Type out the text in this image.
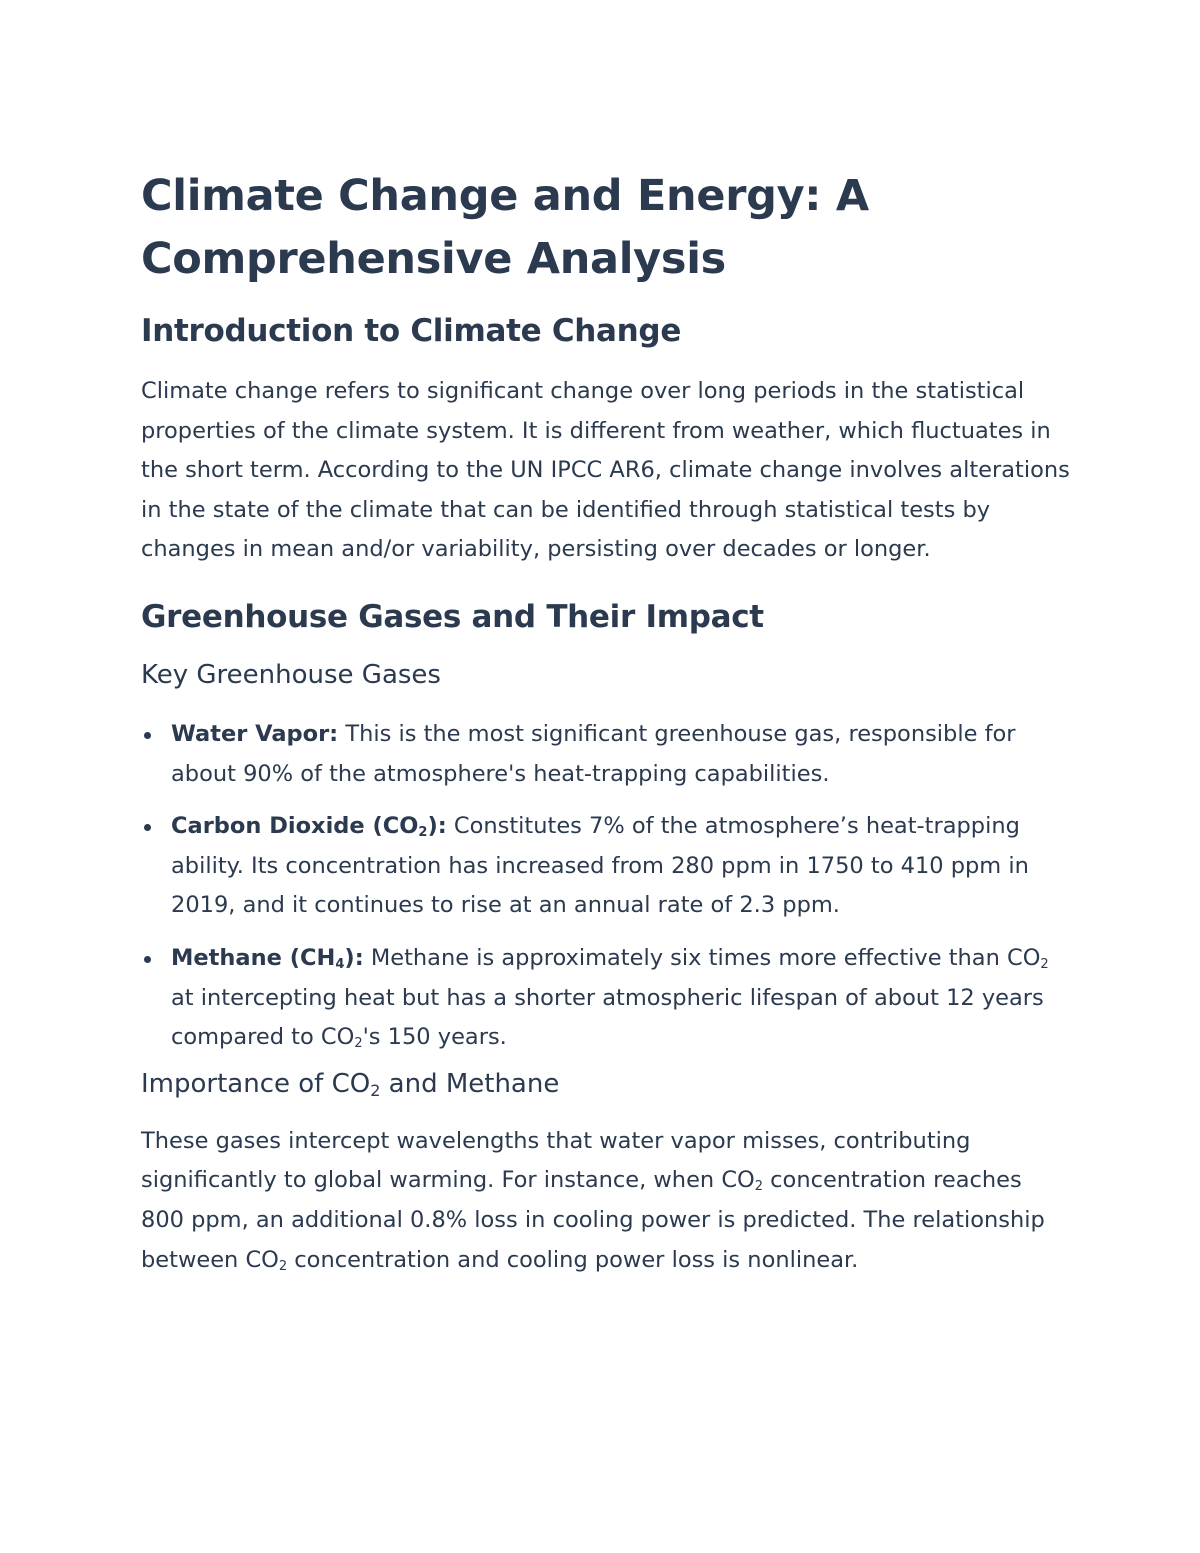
Climate Change and Energy: A Comprehensive Analysis
Introduction to Climate Change

Climate change refers to significant change over long periods in the statistical properties of the climate system. It is different from weather, which fluctuates in the short term. According to the UN IPCC AR6, climate change involves alterations in the state of the climate that can be identified through statistical tests by changes in mean and/or variability, persisting over decades or longer.

Greenhouse Gases and Their Impact
Key Greenhouse Gases
Water Vapor: This is the most significant greenhouse gas, responsible for about 90% of the atmosphere's heat-trapping capabilities.
Carbon Dioxide $(CO_2)$: Constitutes 7% of the atmosphere’s heat-trapping ability. Its concentration has increased from 280 ppm in 1750 to 410 ppm in 2019, and it continues to rise at an annual rate of 2.3 ppm.
Methane $(CH_4)$: Methane is approximately six times more effective than $CO_2$ at intercepting heat but has a shorter atmospheric lifespan of about 12 years compared to $CO_2's$ 150 years.
Importance of $CO_2$ and Methane

These gases intercept wavelengths that water vapor misses, contributing significantly to global warming. For instance, when $CO_2$ concentration reaches 800 ppm, an additional 0.8% loss in cooling power is predicted. The relationship between $CO_2$ concentration and cooling power loss is nonlinear.
